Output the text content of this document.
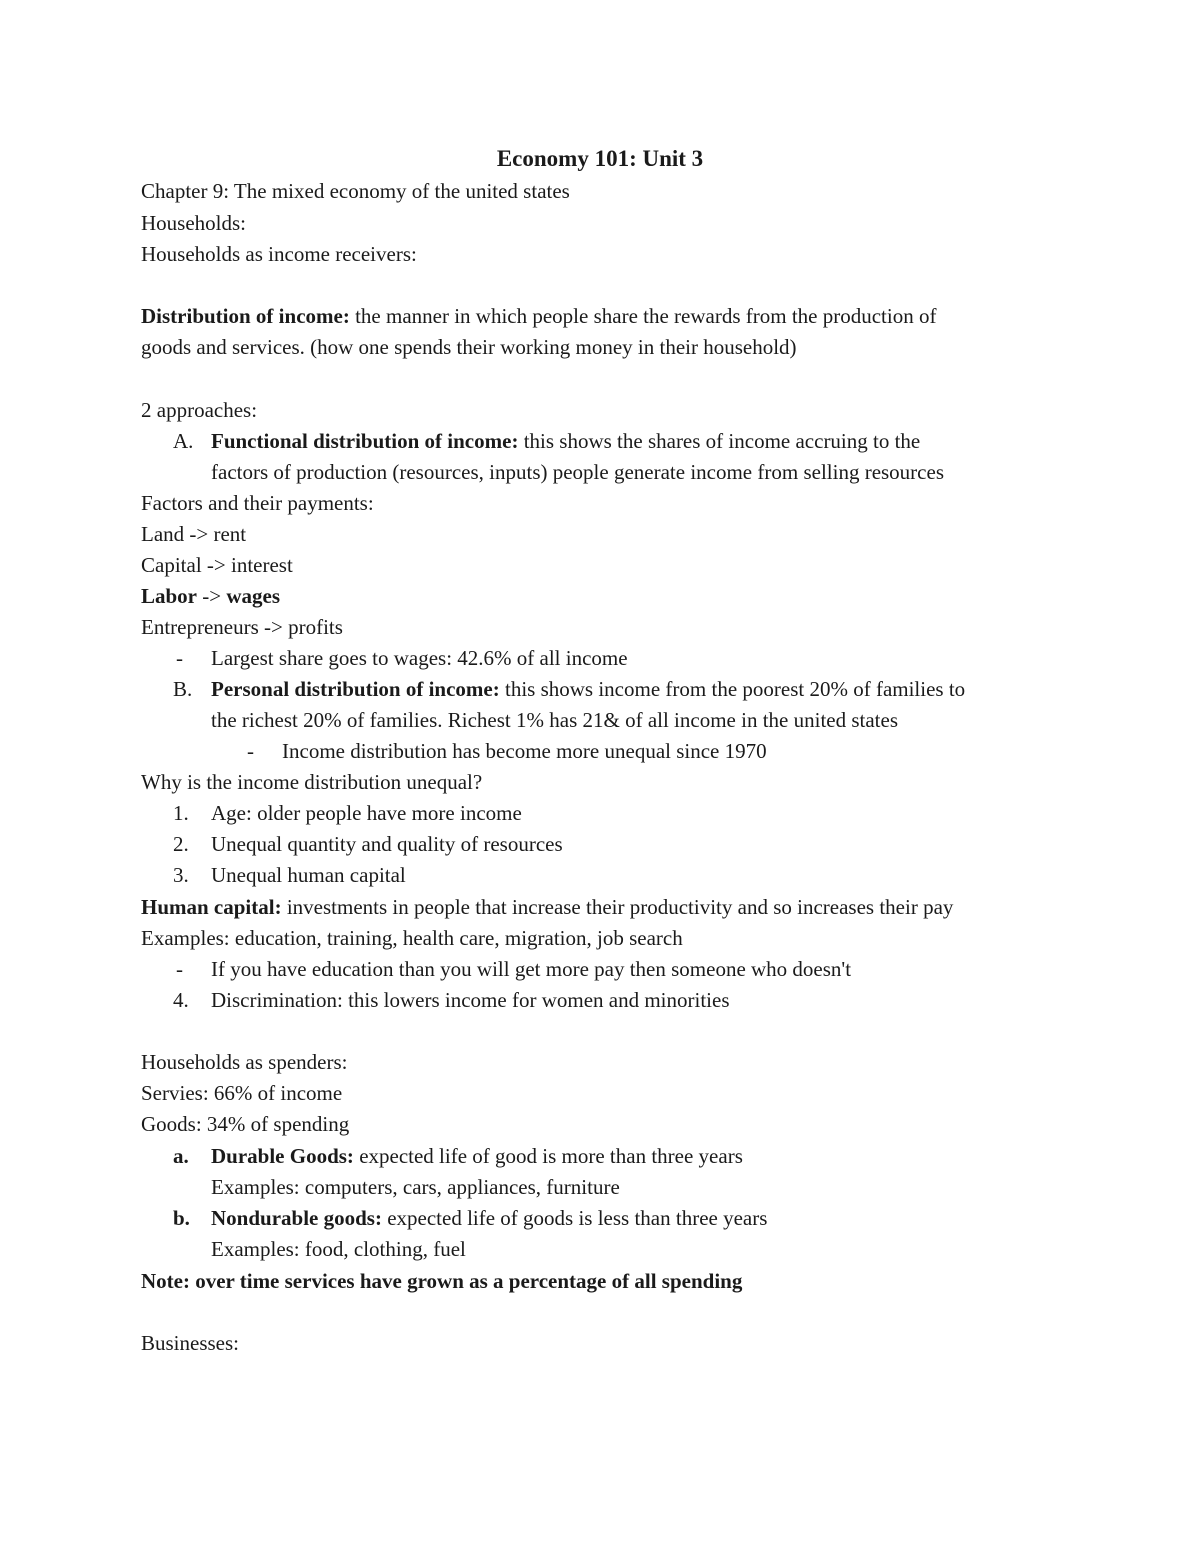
Economy 101: Unit 3
Chapter 9: The mixed economy of the united states
Households:
Households as income receivers:
Distribution of income: the manner in which people share the rewards from the production of
goods and services. (how one spends their working money in their household)
2 approaches:
A. Functional distribution of income: this shows the shares of income accruing to the
factors of production (resources, inputs) people generate income from selling resources
Factors and their payments:
Land -> rent
Capital -> interest
Labor -> wages
Entrepreneurs -> profits
- Largest share goes to wages: 42.6% of all income
B. Personal distribution of income: this shows income from the poorest 20% of families to
the richest 20% of families. Richest 1% has 21& of all income in the united states
- Income distribution has become more unequal since 1970
Why is the income distribution unequal?
1. Age: older people have more income
2. Unequal quantity and quality of resources
3. Unequal human capital
Human capital: investments in people that increase their productivity and so increases their pay
Examples: education, training, health care, migration, job search
- If you have education than you will get more pay then someone who doesn't
4. Discrimination: this lowers income for women and minorities
Households as spenders:
Servies: 66% of income
Goods: 34% of spending
a. Durable Goods: expected life of good is more than three years
Examples: computers, cars, appliances, furniture
b. Nondurable goods: expected life of goods is less than three years
Examples: food, clothing, fuel
Note: over time services have grown as a percentage of all spending
Businesses:
